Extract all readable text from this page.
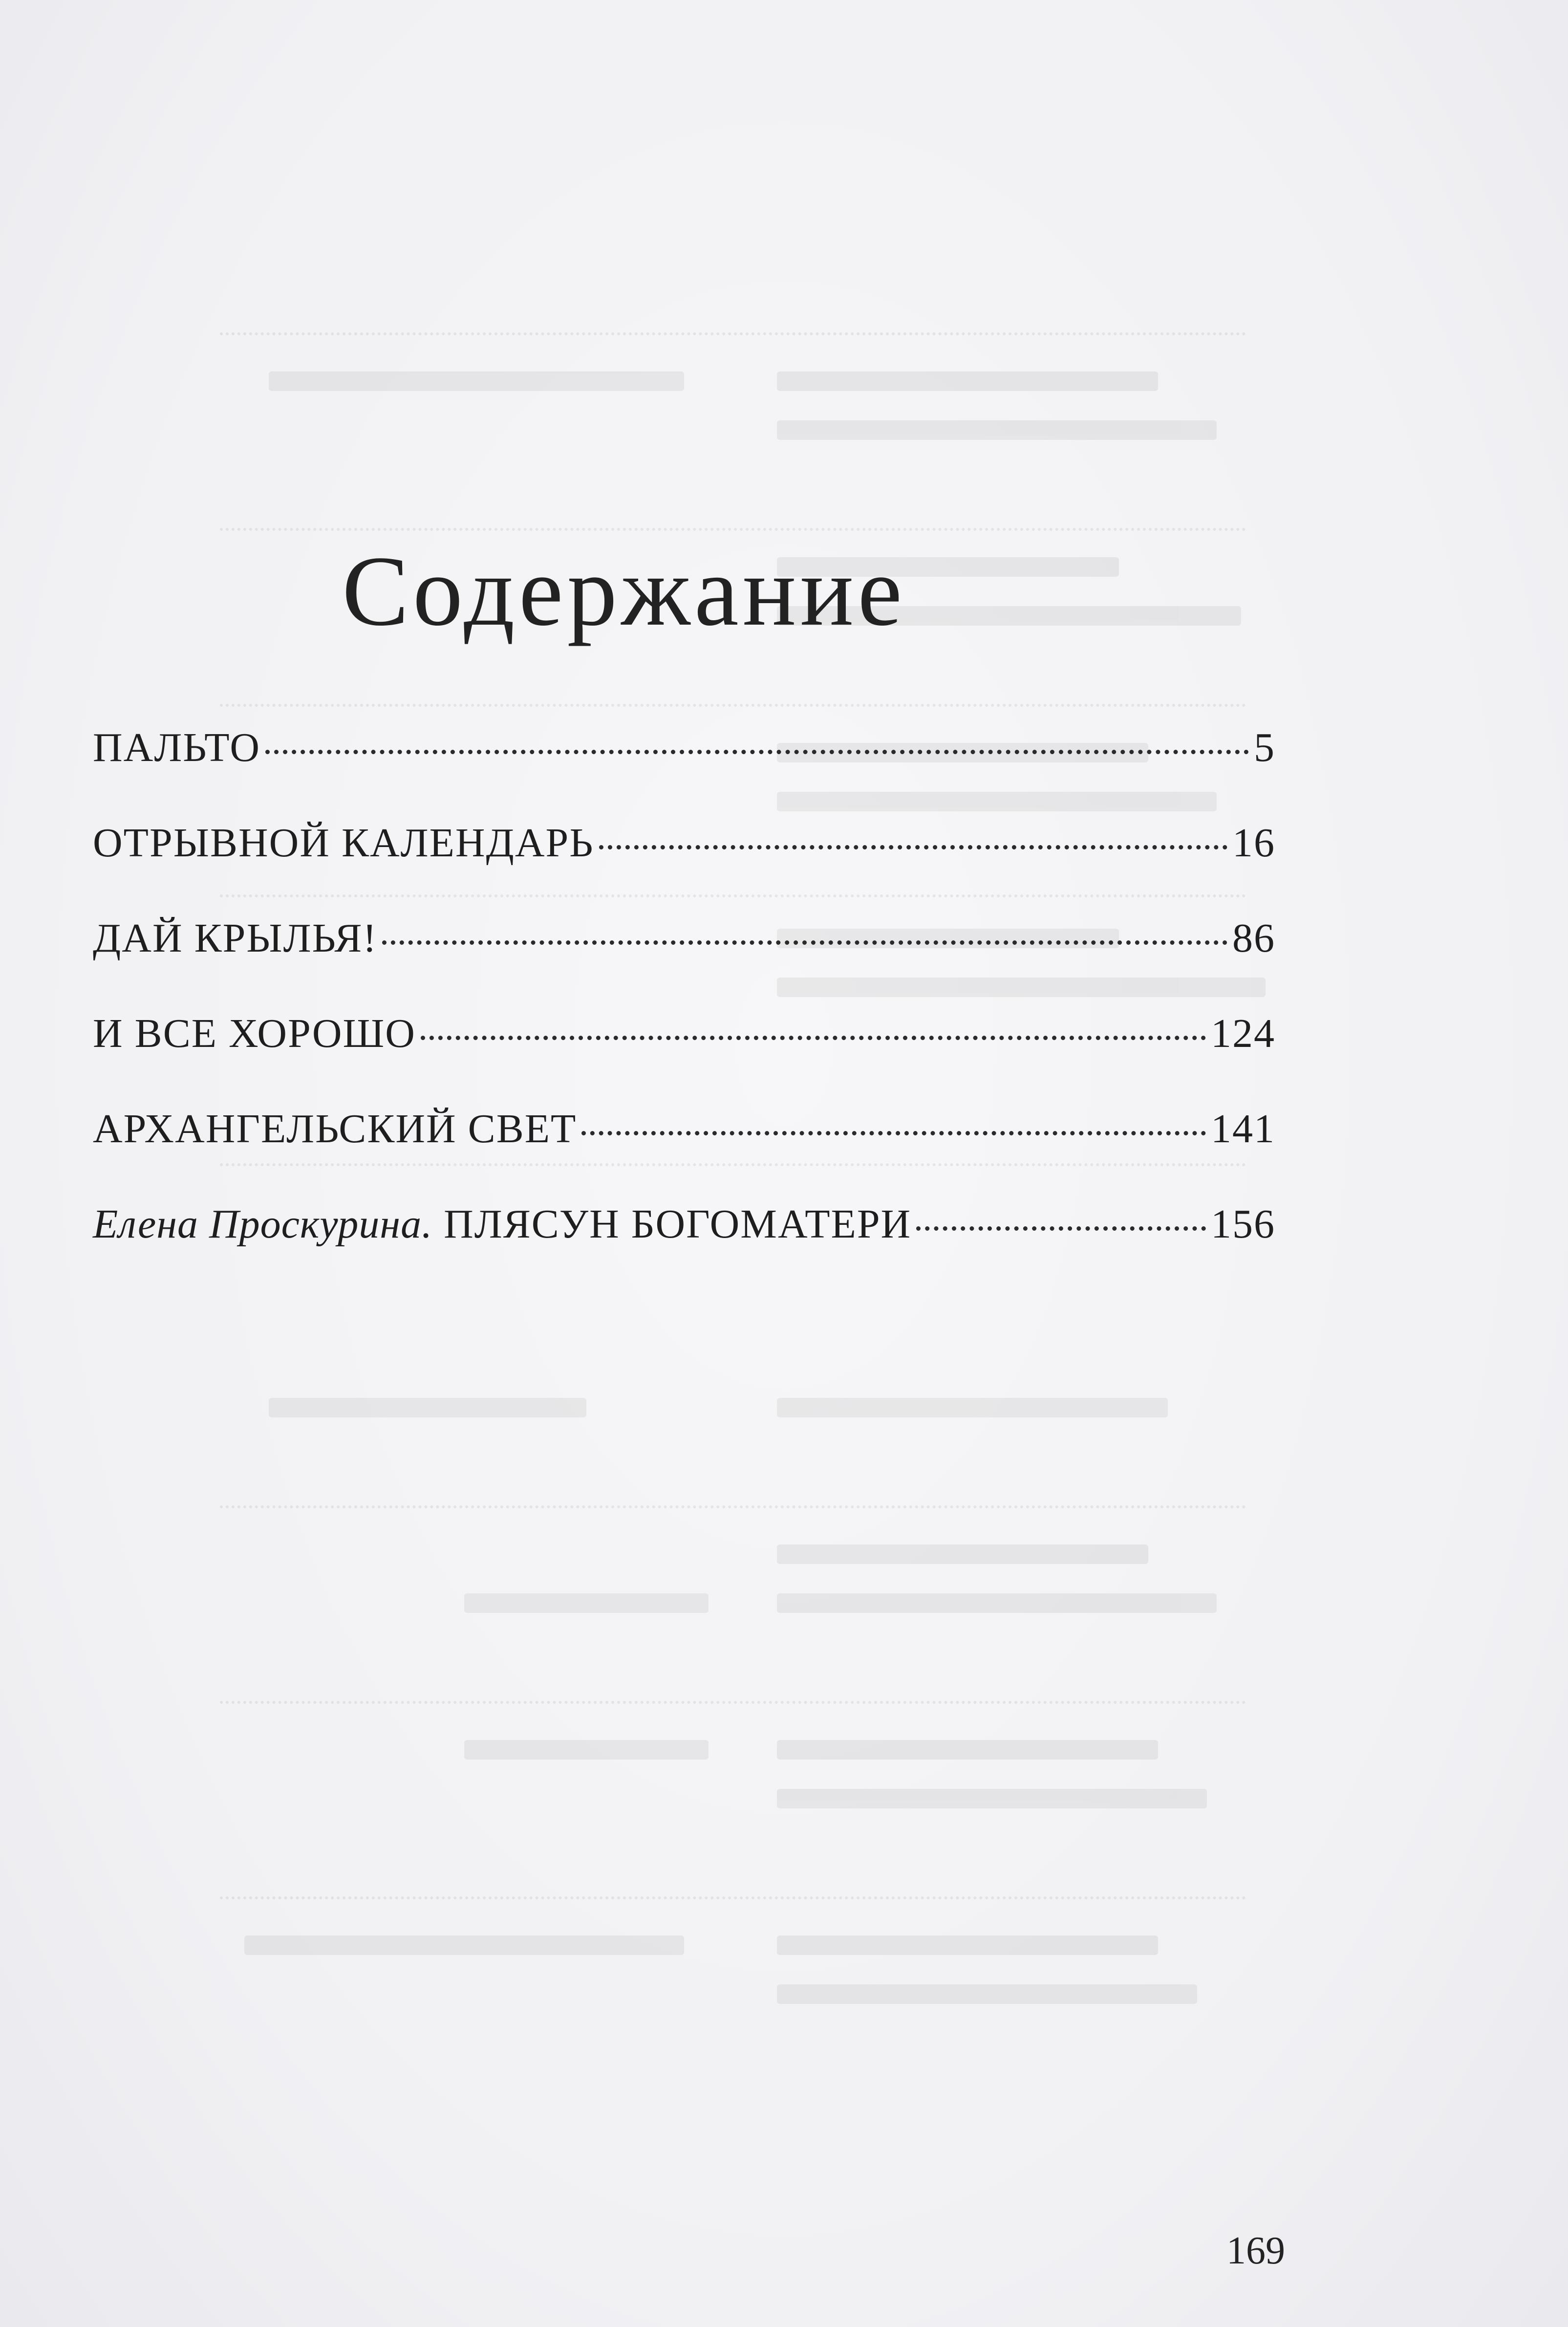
Содержание
ПАЛЬТО	5
ОТРЫВНОЙ КАЛЕНДАРЬ	16
ДАЙ КРЫЛЬЯ!	86
И ВСЕ ХОРОШО	124
АРХАНГЕЛЬСКИЙ СВЕТ	141
Елена Проскурина. ПЛЯСУН БОГОМАТЕРИ	156
169
